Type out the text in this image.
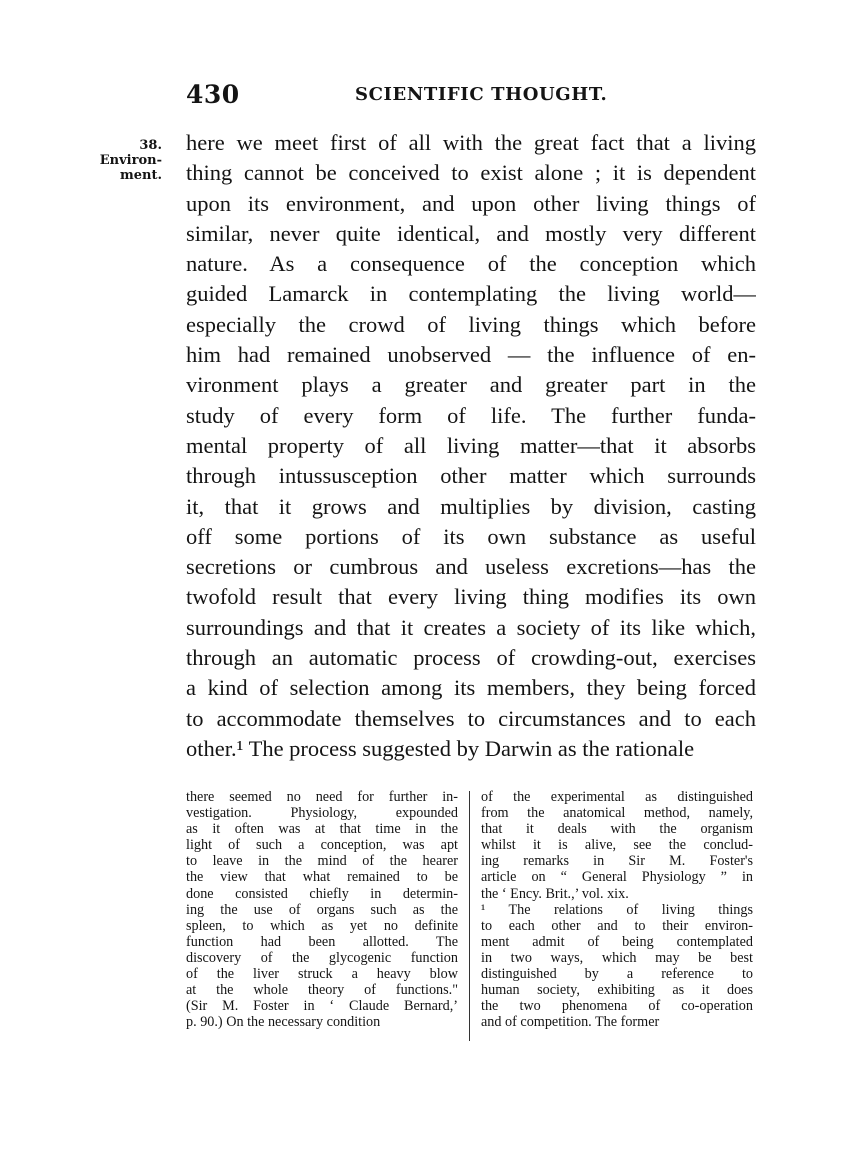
430	SCIENTIFIC THOUGHT.
38.
Environ-
ment.
here we meet first of all with the great fact that a living
thing cannot be conceived to exist alone ; it is dependent
upon its environment, and upon other living things of
similar, never quite identical, and mostly very different
nature. As a consequence of the conception which
guided Lamarck in contemplating the living world—
especially the crowd of living things which before
him had remained unobserved — the influence of en-
vironment plays a greater and greater part in the
study of every form of life. The further funda-
mental property of all living matter—that it absorbs
through intussusception other matter which surrounds
it, that it grows and multiplies by division, casting
off some portions of its own substance as useful
secretions or cumbrous and useless excretions—has the
twofold result that every living thing modifies its own
surroundings and that it creates a society of its like which,
through an automatic process of crowding-out, exercises
a kind of selection among its members, they being forced
to accommodate themselves to circumstances and to each
other.¹ The process suggested by Darwin as the rationale
there seemed no need for further in-
vestigation. Physiology, expounded
as it often was at that time in the
light of such a conception, was apt
to leave in the mind of the hearer
the view that what remained to be
done consisted chiefly in determin-
ing the use of organs such as the
spleen, to which as yet no definite
function had been allotted. The
discovery of the glycogenic function
of the liver struck a heavy blow
at the whole theory of functions."
(Sir M. Foster in ‘ Claude Bernard,’
p. 90.) On the necessary condition
of the experimental as distinguished
from the anatomical method, namely,
that it deals with the organism
whilst it is alive, see the conclud-
ing remarks in Sir M. Foster's
article on “ General Physiology ” in
the ‘ Ency. Brit.,’ vol. xix.
¹ The relations of living things
to each other and to their environ-
ment admit of being contemplated
in two ways, which may be best
distinguished by a reference to
human society, exhibiting as it does
the two phenomena of co-operation
and of competition. The former
